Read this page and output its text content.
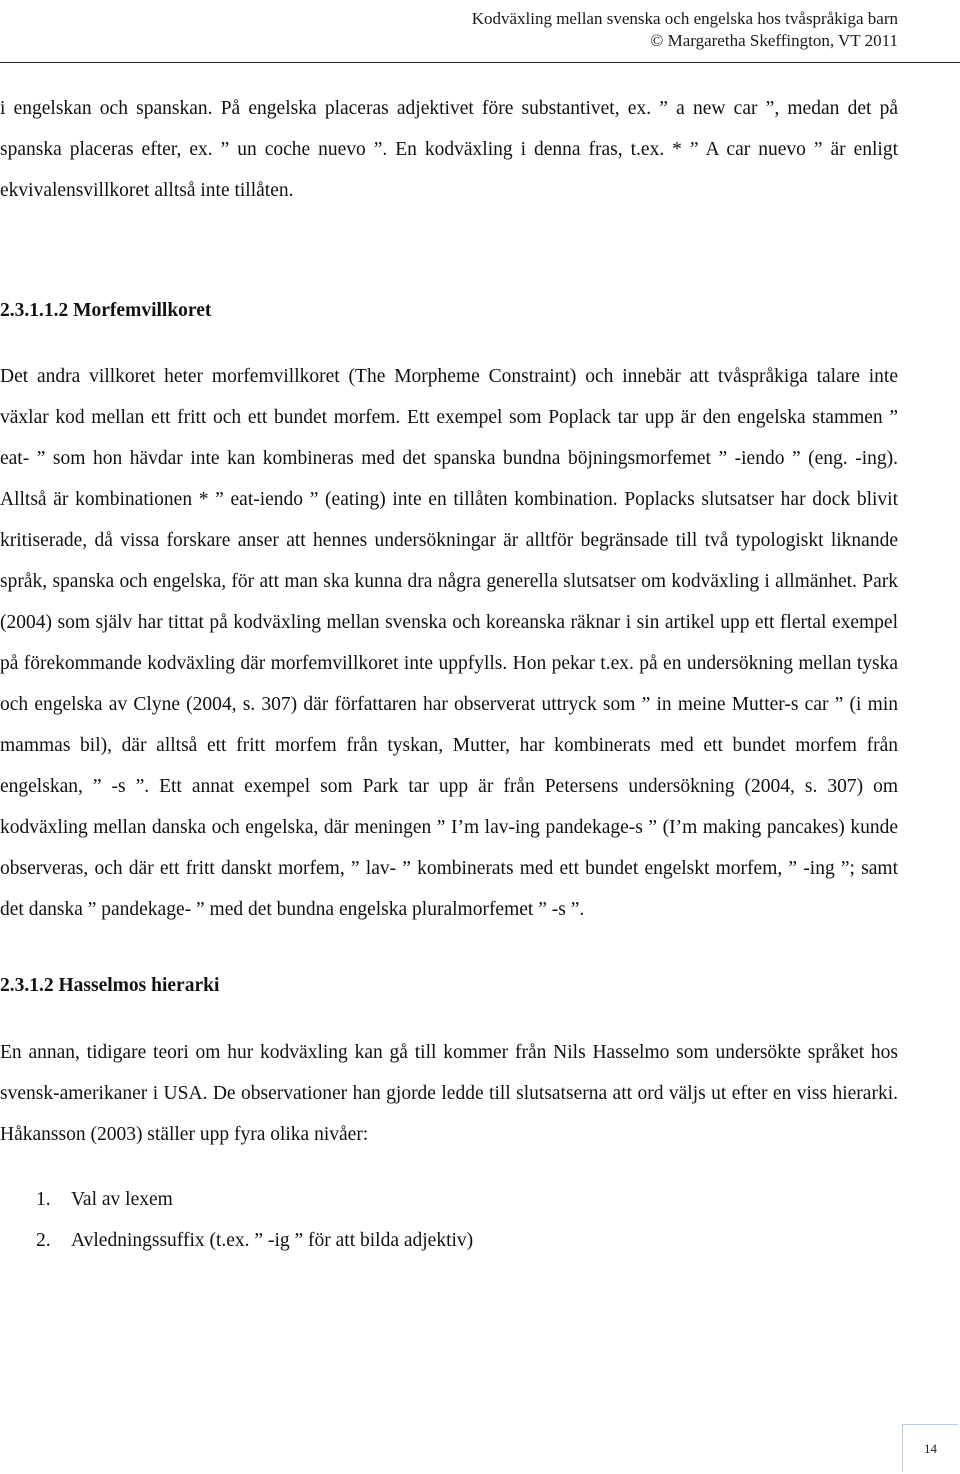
Kodväxling mellan svenska och engelska hos tvåspråkiga barn
© Margaretha Skeffington, VT 2011

i engelskan och spanskan. På engelska placeras adjektivet före substantivet, ex. ” a new car ”, medan det på spanska placeras efter, ex. ” un coche nuevo ”. En kodväxling i denna fras, t.ex. * ” A car nuevo ” är enligt ekvivalensvillkoret alltså inte tillåten.

2.3.1.1.2 Morfemvillkoret

Det andra villkoret heter morfemvillkoret (The Morpheme Constraint) och innebär att tvåspråkiga talare inte växlar kod mellan ett fritt och ett bundet morfem. Ett exempel som Poplack tar upp är den engelska stammen ” eat- ” som hon hävdar inte kan kombineras med det spanska bundna böjningsmorfemet ” -iendo ” (eng. -ing). Alltså är kombinationen * ” eat-iendo ” (eating) inte en tillåten kombination. Poplacks slutsatser har dock blivit kritiserade, då vissa forskare anser att hennes undersökningar är alltför begränsade till två typologiskt liknande språk, spanska och engelska, för att man ska kunna dra några generella slutsatser om kodväxling i allmänhet. Park (2004) som själv har tittat på kodväxling mellan svenska och koreanska räknar i sin artikel upp ett flertal exempel på förekommande kodväxling där morfemvillkoret inte uppfylls. Hon pekar t.ex. på en undersökning mellan tyska och engelska av Clyne (2004, s. 307) där författaren har observerat uttryck som ” in meine Mutter-s car ” (i min mammas bil), där alltså ett fritt morfem från tyskan, Mutter, har kombinerats med ett bundet morfem från engelskan, ” -s ”. Ett annat exempel som Park tar upp är från Petersens undersökning (2004, s. 307) om kodväxling mellan danska och engelska, där meningen ” I’m lav-ing pandekage-s ” (I’m making pancakes) kunde observeras, och där ett fritt danskt morfem, ” lav- ” kombinerats med ett bundet engelskt morfem, ” -ing ”; samt det danska ” pandekage- ” med det bundna engelska pluralmorfemet ” -s ”.

2.3.1.2 Hasselmos hierarki

En annan, tidigare teori om hur kodväxling kan gå till kommer från Nils Hasselmo som undersökte språket hos svensk-amerikaner i USA. De observationer han gjorde ledde till slutsatserna att ord väljs ut efter en viss hierarki. Håkansson (2003) ställer upp fyra olika nivåer:

1. Val av lexem
2. Avledningssuffix (t.ex. ” -ig ” för att bilda adjektiv)
14
